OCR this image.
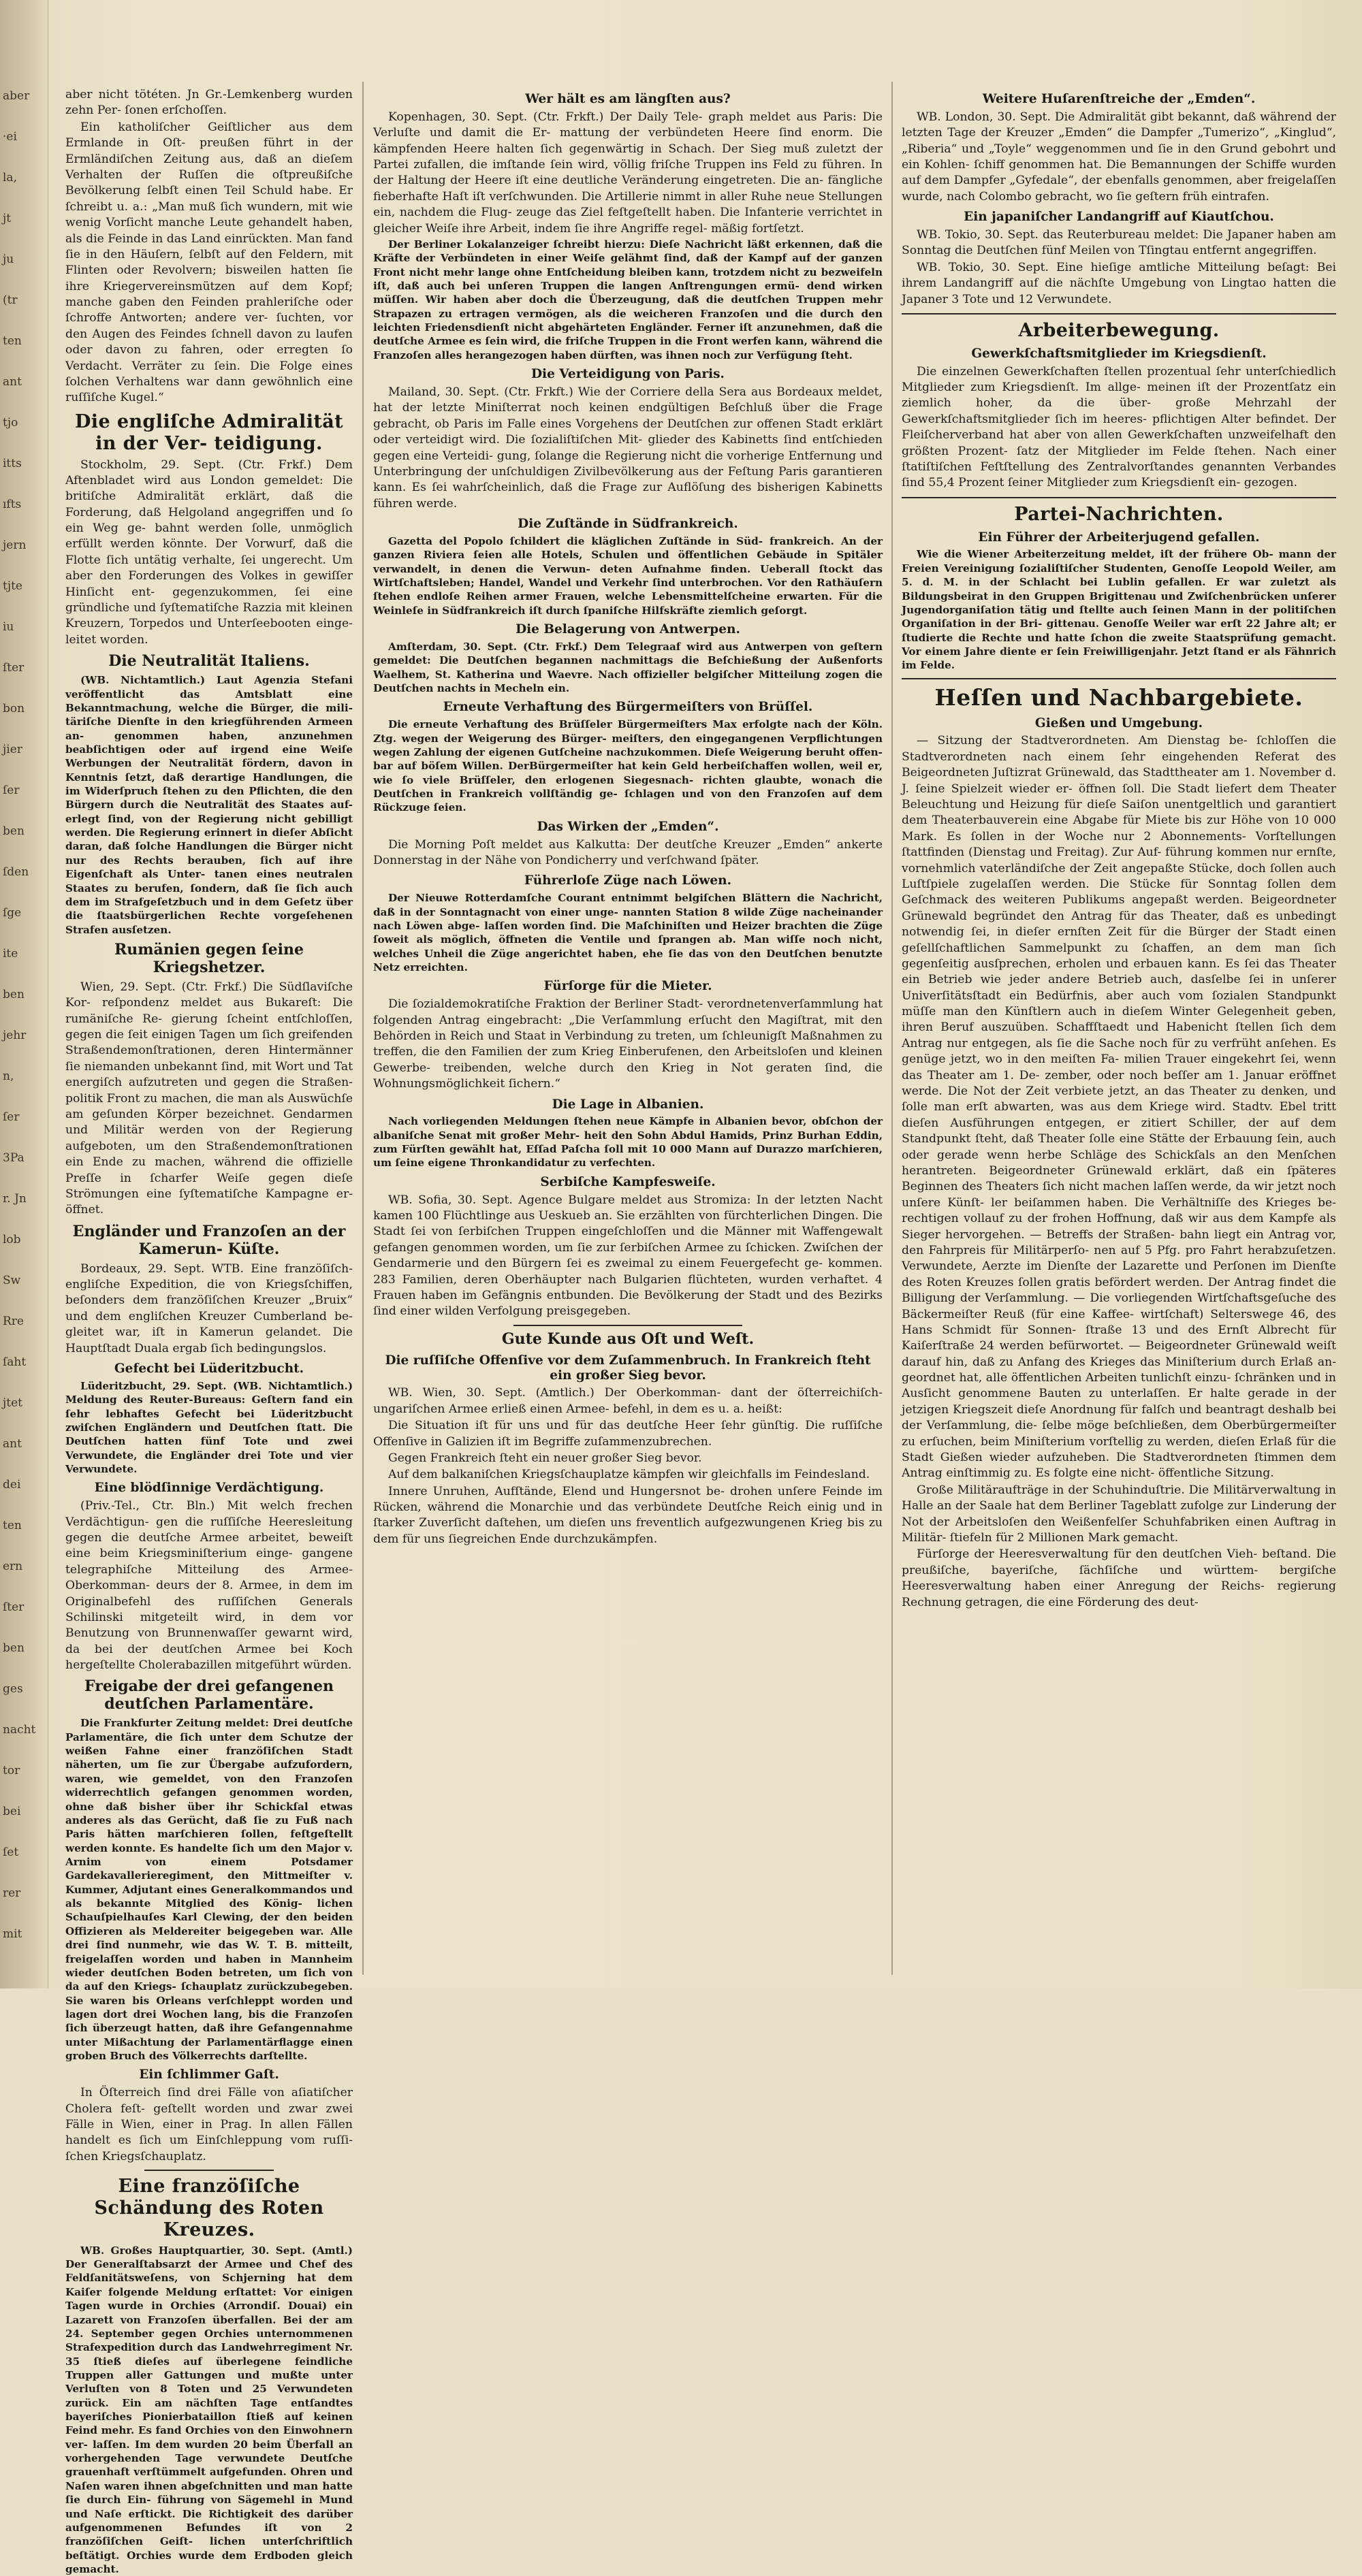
aber
·ei
la,
jt
ju
(tr
ten
ant
tjo
itts
ıfts
jern
tjte
iu
ſter
bon
jier
ſer
ben
ſden
ſge
ite
ben
jehr
n,
ſer
3Pa
r. Jn
lob
Sw
Rre
ſaht
jtet
ant
dei
ten
ern
ſter
ben
ges
nacht
tor
bei
ſet
rer
mit

aber nicht tötéten. Jn Gr.-Lemkenberg wurden zehn Per- ſonen erſchoſſen.

Ein katholiſcher Geiſtlicher aus dem Ermlande in Oſt- preußen führt in der Ermländiſchen Zeitung aus, daß an dieſem Verhalten der Ruſſen die oſtpreußiſche Bevölkerung ſelbſt einen Teil Schuld habe. Er ſchreibt u. a.: „Man muß ſich wundern, mit wie wenig Vorſicht manche Leute gehandelt haben, als die Feinde in das Land einrückten. Man fand ſie in den Häuſern, ſelbſt auf den Feldern, mit Flinten oder Revolvern; bisweilen hatten ſie ihre Kriegervereinsmützen auf dem Kopf; manche gaben den Feinden prahleriſche oder ſchroffe Antworten; andere ver- ſuchten, vor den Augen des Feindes ſchnell davon zu laufen oder davon zu fahren, oder erregten ſo Verdacht. Verräter zu ſein. Die Folge eines ſolchen Verhaltens war dann gewöhnlich eine ruſſiſche Kugel.“

Die engliſche Admiralität in der Ver- teidigung.

Stockholm, 29. Sept. (Ctr. Frkf.) Dem Aftenbladet wird aus London gemeldet: Die britiſche Admiralität erklärt, daß die Forderung, daß Helgoland angegriffen und ſo ein Weg ge- bahnt werden ſolle, unmöglich erfüllt werden könnte. Der Vorwurf, daß die Flotte ſich untätig verhalte, ſei ungerecht. Um aber den Forderungen des Volkes in gewiſſer Hinſicht ent- gegenzukommen, ſei eine gründliche und ſyſtematiſche Razzia mit kleinen Kreuzern, Torpedos und Unterſeebooten einge- leitet worden.

Die Neutralität Italiens.

(WB. Nichtamtlich.) Laut Agenzia Stefani veröffentlicht das Amtsblatt eine Bekanntmachung, welche die Bürger, die mili- täriſche Dienſte in den kriegführenden Armeen an- genommen haben, anzunehmen beabſichtigen oder auf irgend eine Weiſe Werbungen der Neutralität fördern, davon in Kenntnis ſetzt, daß derartige Handlungen, die im Widerſpruch ſtehen zu den Pflichten, die den Bürgern durch die Neutralität des Staates auf- erlegt ſind, von der Regierung nicht gebilligt werden. Die Regierung erinnert in dieſer Abſicht daran, daß ſolche Handlungen die Bürger nicht nur des Rechts berauben, ſich auf ihre Eigenſchaft als Unter- tanen eines neutralen Staates zu berufen, ſondern, daß ſie ſich auch dem im Strafgeſetzbuch und in dem Geſetz über die ſtaatsbürgerlichen Rechte vorgeſehenen Strafen ausſetzen.

Rumänien gegen ſeine Kriegshetzer.

Wien, 29. Sept. (Ctr. Frkf.) Die Südſlaviſche Kor- reſpondenz meldet aus Bukareſt: Die rumäniſche Re- gierung ſcheint entſchloſſen, gegen die ſeit einigen Tagen um ſich greifenden Straßendemonſtrationen, deren Hintermänner ſie niemanden unbekannt ſind, mit Wort und Tat energiſch aufzutreten und gegen die Straßen- politik Front zu machen, die man als Auswüchſe am geſunden Körper bezeichnet. Gendarmen und Militär werden von der Regierung aufgeboten, um den Straßendemonſtrationen ein Ende zu machen, während die offizielle Preſſe in ſcharfer Weiſe gegen dieſe Strömungen eine ſyſtematiſche Kampagne er- öffnet.

Engländer und Franzoſen an der Kamerun- Küſte.

Bordeaux, 29. Sept. WTB. Eine franzöſiſch-engliſche Expedition, die von Kriegsſchiffen, beſonders dem franzöſiſchen Kreuzer „Bruix“ und dem engliſchen Kreuzer Cumberland be- gleitet war, iſt in Kamerun gelandet. Die Hauptſtadt Duala ergab ſich bedingungslos.

Gefecht bei Lüderitzbucht.

Lüderitzbucht, 29. Sept. (WB. Nichtamtlich.) Meldung des Reuter-Bureaus: Geſtern fand ein ſehr lebhaftes Gefecht bei Lüderitzbucht zwiſchen Engländern und Deutſchen ſtatt. Die Deutſchen hatten fünf Tote und zwei Verwundete, die Engländer drei Tote und vier Verwundete.

Eine blödſinnige Verdächtigung.

(Priv.-Tel., Ctr. Bln.) Mit welch frechen Verdächtigun- gen die ruſſiſche Heeresleitung gegen die deutſche Armee arbeitet, beweiſt eine beim Kriegsminiſterium einge- gangene telegraphiſche Mitteilung des Armee-Oberkomman- deurs der 8. Armee, in dem im Originalbefehl des ruſſiſchen Generals Schilinski mitgeteilt wird, in dem vor Benutzung von Brunnenwaſſer gewarnt wird, da bei der deutſchen Armee bei Koch hergeſtellte Cholerabazillen mitgeführt würden.

Freigabe der drei gefangenen deutſchen Parlamentäre.

Die Frankfurter Zeitung meldet: Drei deutſche Parlamentäre, die ſich unter dem Schutze der weißen Fahne einer franzöſiſchen Stadt näherten, um ſie zur Übergabe aufzufordern, waren, wie gemeldet, von den Franzoſen widerrechtlich gefangen genommen worden, ohne daß bisher über ihr Schickſal etwas anderes als das Gerücht, daß ſie zu Fuß nach Paris hätten marſchieren ſollen, feſtgeſtellt werden konnte. Es handelte ſich um den Major v. Arnim von einem Potsdamer Gardekavallerieregiment, den Mittmeiſter v. Kummer, Adjutant eines Generalkommandos und als bekannte Mitglied des König- lichen Schauſpielhauſes Karl Clewing, der den beiden Offizieren als Meldereiter beigegeben war. Alle drei ſind nunmehr, wie das W. T. B. mitteilt, freigelaſſen worden und haben in Mannheim wieder deutſchen Boden betreten, um ſich von da auf den Kriegs- ſchauplatz zurückzubegeben. Sie waren bis Orleans verſchleppt worden und lagen dort drei Wochen lang, bis die Franzoſen ſich überzeugt hatten, daß ihre Gefangennahme unter Mißachtung der Parlamentärflagge einen groben Bruch des Völkerrechts darſtellte.

Ein ſchlimmer Gaſt.

In Öſterreich ſind drei Fälle von aſiatiſcher Cholera feſt- geſtellt worden und zwar zwei Fälle in Wien, einer in Prag. In allen Fällen handelt es ſich um Einſchleppung vom ruſſi- ſchen Kriegsſchauplatz.

Eine franzöſiſche Schändung des Roten Kreuzes.

WB. Großes Hauptquartier, 30. Sept. (Amtl.) Der Generalſtabsarzt der Armee und Chef des Feldſanitätsweſens, von Schjerning hat dem Kaiſer folgende Meldung erſtattet: Vor einigen Tagen wurde in Orchies (Arrondiſ. Douai) ein Lazarett von Franzoſen überfallen. Bei der am 24. September gegen Orchies unternommenen Strafexpedition durch das Landwehrregiment Nr. 35 ſtieß dieſes auf überlegene feindliche Truppen aller Gattungen und mußte unter Verluſten von 8 Toten und 25 Verwundeten zurück. Ein am nächſten Tage entſandtes bayeriſches Pionierbataillon ſtieß auf keinen Feind mehr. Es fand Orchies von den Einwohnern ver- laſſen. Im dem wurden 20 beim Überfall an vorhergehenden Tage verwundete Deutſche grauenhaft verſtümmelt aufgefunden. Ohren und Naſen waren ihnen abgeſchnitten und man hatte ſie durch Ein- führung von Sägemehl in Mund und Naſe erſtickt. Die Richtigkeit des darüber aufgenommenen Befundes iſt von 2 franzöſiſchen Geiſt- lichen unterſchriftlich beſtätigt. Orchies wurde dem Erdboden gleich gemacht.

Wer hält es am längſten aus?

Kopenhagen, 30. Sept. (Ctr. Frkft.) Der Daily Tele- graph meldet aus Paris: Die Verluſte und damit die Er- mattung der verbündeten Heere ſind enorm. Die kämpfenden Heere halten ſich gegenwärtig in Schach. Der Sieg muß zuletzt der Partei zufallen, die imſtande ſein wird, völlig friſche Truppen ins Feld zu führen. In der Haltung der Heere iſt eine deutliche Veränderung eingetreten. Die an- fängliche fieberhafte Haſt iſt verſchwunden. Die Artillerie nimmt in aller Ruhe neue Stellungen ein, nachdem die Flug- zeuge das Ziel feſtgeſtellt haben. Die Infanterie verrichtet in gleicher Weiſe ihre Arbeit, indem ſie ihre Angriffe regel- mäßig fortſetzt.

Der Berliner Lokalanzeiger ſchreibt hierzu: Dieſe Nachricht läßt erkennen, daß die Kräfte der Verbündeten in einer Weiſe gelähmt ſind, daß der Kampf auf der ganzen Front nicht mehr lange ohne Entſcheidung bleiben kann, trotzdem nicht zu bezweifeln iſt, daß auch bei unſeren Truppen die langen Anſtrengungen ermü- dend wirken müſſen. Wir haben aber doch die Überzeugung, daß die deutſchen Truppen mehr Strapazen zu ertragen vermögen, als die weicheren Franzoſen und die durch den leichten Friedensdienſt nicht abgehärteten Engländer. Ferner iſt anzunehmen, daß die deutſche Armee es ſein wird, die friſche Truppen in die Front werfen kann, während die Franzoſen alles herangezogen haben dürften, was ihnen noch zur Verfügung ſteht.

Die Verteidigung von Paris.

Mailand, 30. Sept. (Ctr. Frkft.) Wie der Corriere della Sera aus Bordeaux meldet, hat der letzte Miniſterrat noch keinen endgültigen Beſchluß über die Frage gebracht, ob Paris im Falle eines Vorgehens der Deutſchen zur offenen Stadt erklärt oder verteidigt wird. Die ſozialiſtiſchen Mit- glieder des Kabinetts ſind entſchieden gegen eine Verteidi- gung, ſolange die Regierung nicht die vorherige Entfernung und Unterbringung der unſchuldigen Zivilbevölkerung aus der Feſtung Paris garantieren kann. Es ſei wahrſcheinlich, daß die Frage zur Auflöſung des bisherigen Kabinetts führen werde.

Die Zuſtände in Südfrankreich.

Gazetta del Popolo ſchildert die kläglichen Zuſtände in Süd- frankreich. An der ganzen Riviera ſeien alle Hotels, Schulen und öffentlichen Gebäude in Spitäler verwandelt, in denen die Verwun- deten Aufnahme finden. Ueberall ſtockt das Wirtſchaftsleben; Handel, Wandel und Verkehr ſind unterbrochen. Vor den Rathäuſern ſtehen endloſe Reihen armer Frauen, welche Lebensmittelſcheine erwarten. Für die Weinleſe in Südfrankreich iſt durch ſpaniſche Hilfskräfte ziemlich geſorgt.

Die Belagerung von Antwerpen.

Amſterdam, 30. Sept. (Ctr. Frkf.) Dem Telegraaf wird aus Antwerpen von geſtern gemeldet: Die Deutſchen begannen nachmittags die Beſchießung der Außenforts Waelhem, St. Katherina und Waevre. Nach offizieller belgiſcher Mitteilung zogen die Deutſchen nachts in Mecheln ein.

Erneute Verhaftung des Bürgermeiſters von Brüſſel.

Die erneute Verhaftung des Brüſſeler Bürgermeiſters Max erfolgte nach der Köln. Ztg. wegen der Weigerung des Bürger- meiſters, den eingegangenen Verpflichtungen wegen Zahlung der eigenen Gutſcheine nachzukommen. Dieſe Weigerung beruht offen- bar auf böſem Willen. DerBürgermeiſter hat kein Geld herbeiſchaffen wollen, weil er, wie ſo viele Brüſſeler, den erlogenen Siegesnach- richten glaubte, wonach die Deutſchen in Frankreich vollſtändig ge- ſchlagen und von den Franzoſen auf dem Rückzuge ſeien.

Das Wirken der „Emden“.

Die Morning Poſt meldet aus Kalkutta: Der deutſche Kreuzer „Emden“ ankerte Donnerstag in der Nähe von Pondicherry und verſchwand ſpäter.

Führerloſe Züge nach Löwen.

Der Nieuwe Rotterdamſche Courant entnimmt belgiſchen Blättern die Nachricht, daß in der Sonntagnacht von einer unge- nannten Station 8 wilde Züge nacheinander nach Löwen abge- laſſen worden ſind. Die Maſchiniſten und Heizer brachten die Züge ſoweit als möglich, öffneten die Ventile und ſprangen ab. Man wiſſe noch nicht, welches Unheil die Züge angerichtet haben, ehe ſie das von den Deutſchen benutzte Netz erreichten.

Fürſorge für die Mieter.

Die ſozialdemokratiſche Fraktion der Berliner Stadt- verordnetenverſammlung hat folgenden Antrag eingebracht: „Die Verſammlung erſucht den Magiſtrat, mit den Behörden in Reich und Staat in Verbindung zu treten, um ſchleunigſt Maßnahmen zu treffen, die den Familien der zum Krieg Einberufenen, den Arbeitsloſen und kleinen Gewerbe- treibenden, welche durch den Krieg in Not geraten ſind, die Wohnungsmöglichkeit ſichern.“

Die Lage in Albanien.

Nach vorliegenden Meldungen ſtehen neue Kämpfe in Albanien bevor, obſchon der albaniſche Senat mit großer Mehr- heit den Sohn Abdul Hamids, Prinz Burhan Eddin, zum Fürſten gewählt hat, Eſſad Paſcha ſoll mit 10 000 Mann auf Durazzo marſchieren, um ſeine eigene Thronkandidatur zu verfechten.

Serbiſche Kampfesweiſe.

WB. Sofia, 30. Sept. Agence Bulgare meldet aus Stromiza: In der letzten Nacht kamen 100 Flüchtlinge aus Ueskueb an. Sie erzählten von fürchterlichen Dingen. Die Stadt ſei von ſerbiſchen Truppen eingeſchloſſen und die Männer mit Waffengewalt gefangen genommen worden, um ſie zur ſerbiſchen Armee zu ſchicken. Zwiſchen der Gendarmerie und den Bürgern ſei es zweimal zu einem Feuergefecht ge- kommen. 283 Familien, deren Oberhäupter nach Bulgarien flüchteten, wurden verhaftet. 4 Frauen haben im Gefängnis entbunden. Die Bevölkerung der Stadt und des Bezirks ſind einer wilden Verfolgung preisgegeben.

Gute Kunde aus Oſt und Weſt.
Die ruſſiſche Offenſive vor dem Zuſammenbruch. In Frankreich ſteht ein großer Sieg bevor.

WB. Wien, 30. Sept. (Amtlich.) Der Oberkomman- dant der öſterreichiſch-ungariſchen Armee erließ einen Armee- befehl, in dem es u. a. heißt:

Die Situation iſt für uns und für das deutſche Heer ſehr günſtig. Die ruſſiſche Offenſive in Galizien iſt im Begriffe zuſammenzubrechen.

Gegen Frankreich ſteht ein neuer großer Sieg bevor.

Auf dem balkaniſchen Kriegsſchauplatze kämpfen wir gleichfalls im Feindesland.

Innere Unruhen, Aufſtände, Elend und Hungersnot be- drohen unſere Feinde im Rücken, während die Monarchie und das verbündete Deutſche Reich einig und in ſtarker Zuverſicht daſtehen, um dieſen uns freventlich aufgezwungenen Krieg bis zu dem für uns ſiegreichen Ende durchzukämpfen.

Weitere Huſarenſtreiche der „Emden“.

WB. London, 30. Sept. Die Admiralität gibt bekannt, daß während der letzten Tage der Kreuzer „Emden“ die Dampfer „Tumerizo“, „Kinglud“, „Riberia“ und „Toyle“ weggenommen und ſie in den Grund gebohrt und ein Kohlen- ſchiff genommen hat. Die Bemannungen der Schiffe wurden auf dem Dampfer „Gyfedale“, der ebenfalls genommen, aber freigelaſſen wurde, nach Colombo gebracht, wo ſie geſtern früh eintrafen.

Ein japaniſcher Landangriff auf Kiautſchou.

WB. Tokio, 30. Sept. das Reuterbureau meldet: Die Japaner haben am Sonntag die Deutſchen fünf Meilen von Tſingtau entfernt angegriffen.

WB. Tokio, 30. Sept. Eine hieſige amtliche Mitteilung beſagt: Bei ihrem Landangriff auf die nächſte Umgebung von Lingtao hatten die Japaner 3 Tote und 12 Verwundete.

Arbeiterbewegung.
Gewerkſchaftsmitglieder im Kriegsdienſt.

Die einzelnen Gewerkſchaften ſtellen prozentual ſehr unterſchiedlich Mitglieder zum Kriegsdienſt. Im allge- meinen iſt der Prozentſatz ein ziemlich hoher, da die über- große Mehrzahl der Gewerkſchaftsmitglieder ſich im heeres- pflichtigen Alter befindet. Der Fleiſcherverband hat aber von allen Gewerkſchaften unzweifelhaft den größten Prozent- ſatz der Mitglieder im Felde ſtehen. Nach einer ſtatiſtiſchen Feſtſtellung des Zentralvorſtandes genannten Verbandes ſind 55,4 Prozent ſeiner Mitglieder zum Kriegsdienſt ein- gezogen.

Partei-Nachrichten.
Ein Führer der Arbeiterjugend gefallen.

Wie die Wiener Arbeiterzeitung meldet, iſt der frühere Ob- mann der Freien Vereinigung ſozialiſtiſcher Studenten, Genoſſe Leopold Weiler, am 5. d. M. in der Schlacht bei Lublin gefallen. Er war zuletzt als Bildungsbeirat in den Gruppen Brigittenau und Zwiſchenbrücken unſerer Jugendorganiſation tätig und ſtellte auch ſeinen Mann in der politiſchen Organiſation in der Bri- gittenau. Genoſſe Weiler war erſt 22 Jahre alt; er ſtudierte die Rechte und hatte ſchon die zweite Staatsprüfung gemacht. Vor einem Jahre diente er ſein Freiwilligenjahr. Jetzt ſtand er als Fähnrich im Felde.

Heſſen und Nachbargebiete.
Gießen und Umgebung.

— Sitzung der Stadtverordneten. Am Dienstag be- ſchloſſen die Stadtverordneten nach einem ſehr eingehenden Referat des Beigeordneten Juſtizrat Grünewald, das Stadttheater am 1. November d. J. ſeine Spielzeit wieder er- öffnen ſoll. Die Stadt liefert dem Theater Beleuchtung und Heizung für dieſe Saiſon unentgeltlich und garantiert dem Theaterbauverein eine Abgabe für Miete bis zur Höhe von 10 000 Mark. Es ſollen in der Woche nur 2 Abonnements- Vorſtellungen ſtattfinden (Dienstag und Freitag). Zur Auf- führung kommen nur ernſte, vornehmlich vaterländiſche der Zeit angepaßte Stücke, doch ſollen auch Luſtſpiele zugelaſſen werden. Die Stücke für Sonntag ſollen dem Geſchmack des weiteren Publikums angepaßt werden. Beigeordneter Grünewald begründet den Antrag für das Theater, daß es unbedingt notwendig ſei, in dieſer ernſten Zeit für die Bürger der Stadt einen geſellſchaftlichen Sammelpunkt zu ſchaffen, an dem man ſich gegenſeitig ausſprechen, erholen und erbauen kann. Es ſei das Theater ein Betrieb wie jeder andere Betrieb auch, dasſelbe ſei in unſerer Univerſitätsſtadt ein Bedürfnis, aber auch vom ſozialen Standpunkt müſſe man den Künſtlern auch in dieſem Winter Gelegenheit geben, ihren Beruf auszuüben. Schaffſtaedt und Habenicht ſtellen ſich dem Antrag nur entgegen, als ſie die Sache noch für zu verfrüht anſehen. Es genüge jetzt, wo in den meiſten Fa- milien Trauer eingekehrt ſei, wenn das Theater am 1. De- zember, oder noch beſſer am 1. Januar eröffnet werde. Die Not der Zeit verbiete jetzt, an das Theater zu denken, und ſolle man erſt abwarten, was aus dem Kriege wird. Stadtv. Ebel tritt dieſen Ausführungen entgegen, er zitiert Schiller, der auf dem Standpunkt ſteht, daß Theater ſolle eine Stätte der Erbauung ſein, auch oder gerade wenn herbe Schläge des Schickſals an den Menſchen herantreten. Beigeordneter Grünewald erklärt, daß ein ſpäteres Beginnen des Theaters ſich nicht machen laſſen werde, da wir jetzt noch unſere Künſt- ler beiſammen haben. Die Verhältniſſe des Krieges be- rechtigen vollauf zu der frohen Hoffnung, daß wir aus dem Kampfe als Sieger hervorgehen. — Betreffs der Straßen- bahn liegt ein Antrag vor, den Fahrpreis für Militärperſo- nen auf 5 Pfg. pro Fahrt herabzuſetzen. Verwundete, Aerzte im Dienſte der Lazarette und Perſonen im Dienſte des Roten Kreuzes ſollen gratis befördert werden. Der Antrag findet die Billigung der Verſammlung. — Die vorliegenden Wirtſchaftsgeſuche des Bäckermeiſter Reuß (für eine Kaffee- wirtſchaft) Selterswege 46, des Hans Schmidt für Sonnen- ſtraße 13 und des Ernſt Albrecht für Kaiſerſtraße 24 werden befürwortet. — Beigeordneter Grünewald weiſt darauf hin, daß zu Anfang des Krieges das Miniſterium durch Erlaß an- geordnet hat, alle öffentlichen Arbeiten tunlichſt einzu- ſchränken und in Ausſicht genommene Bauten zu unterlaſſen. Er halte gerade in der jetzigen Kriegszeit dieſe Anordnung für falſch und beantragt deshalb bei der Verſammlung, die- ſelbe möge beſchließen, dem Oberbürgermeiſter zu erſuchen, beim Miniſterium vorſtellig zu werden, dieſen Erlaß für die Stadt Gießen wieder aufzuheben. Die Stadtverordneten ſtimmen dem Antrag einſtimmig zu. Es folgte eine nicht- öffentliche Sitzung.

Große Militäraufträge in der Schuhinduſtrie. Die Militärverwaltung in Halle an der Saale hat dem Berliner Tageblatt zufolge zur Linderung der Not der Arbeitsloſen den Weißenfelſer Schuhfabriken einen Auftrag in Militär- ſtiefeln für 2 Millionen Mark gemacht.

Fürſorge der Heeresverwaltung für den deutſchen Vieh- beſtand. Die preußiſche, bayeriſche, ſächſiſche und württem- bergiſche Heeresverwaltung haben einer Anregung der Reichs- regierung Rechnung getragen, die eine Förderung des deut-
